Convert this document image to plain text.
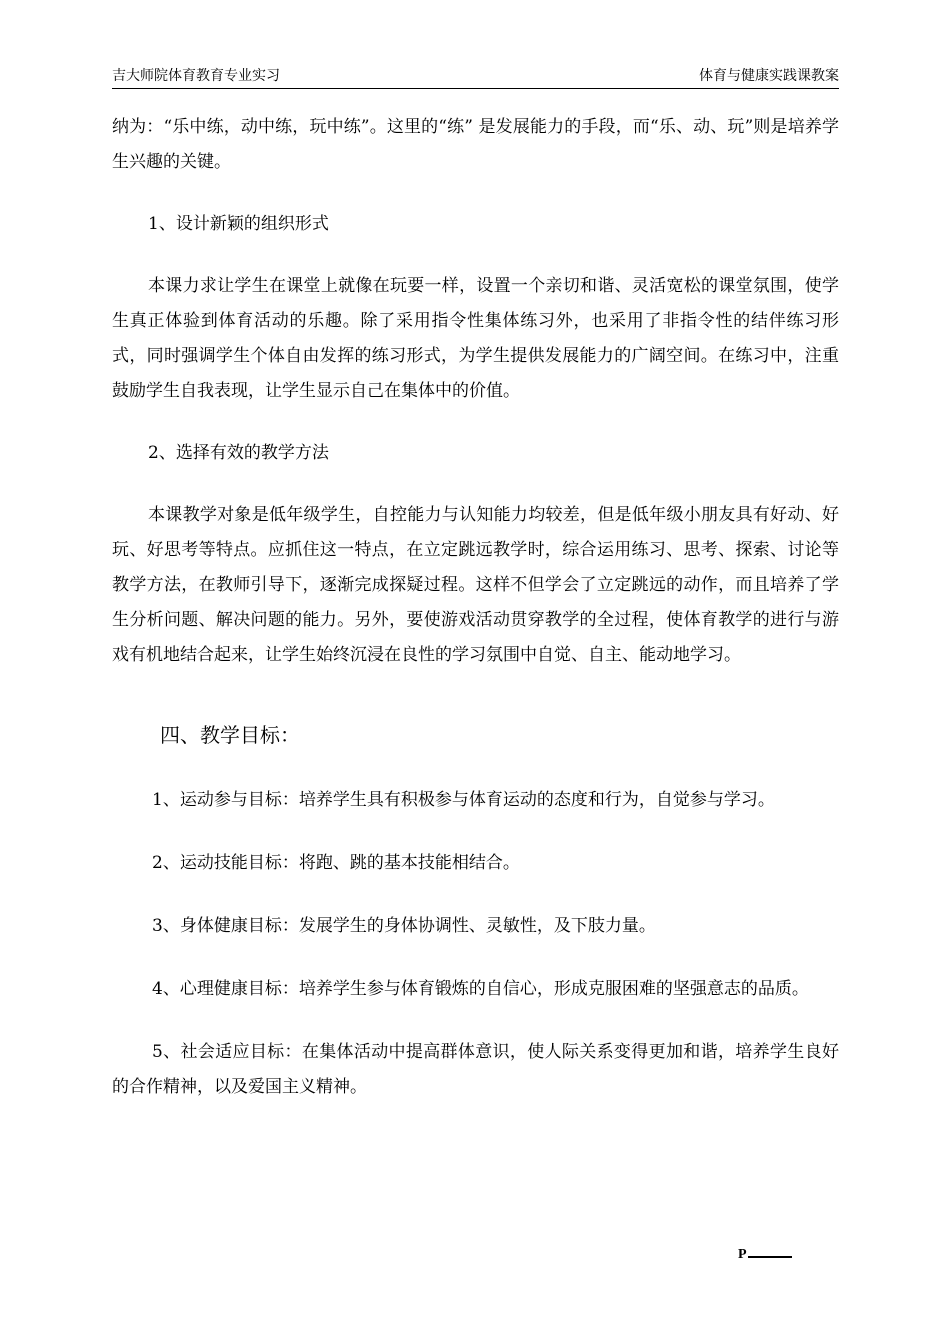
吉大师院体育教育专业实习	体育与健康实践课教案

纳为：“乐中练，动中练，玩中练”。这里的“练” 是发展能力的手段，而“乐、动、玩”则是培养学生兴趣的关键。

1、设计新颖的组织形式

本课力求让学生在课堂上就像在玩要一样，设置一个亲切和谐、灵活宽松的课堂氛围，使学生真正体验到体育活动的乐趣。除了采用指令性集体练习外，也采用了非指令性的结伴练习形式，同时强调学生个体自由发挥的练习形式，为学生提供发展能力的广阔空间。在练习中，注重鼓励学生自我表现，让学生显示自己在集体中的价值。

2、选择有效的教学方法

本课教学对象是低年级学生，自控能力与认知能力均较差，但是低年级小朋友具有好动、好玩、好思考等特点。应抓住这一特点，在立定跳远教学时，综合运用练习、思考、探索、讨论等教学方法，在教师引导下，逐渐完成探疑过程。这样不但学会了立定跳远的动作，而且培养了学生分析问题、解决问题的能力。另外，要使游戏活动贯穿教学的全过程，使体育教学的进行与游戏有机地结合起来，让学生始终沉浸在良性的学习氛围中自觉、自主、能动地学习。

四、教学目标：

1、运动参与目标：培养学生具有积极参与体育运动的态度和行为，自觉参与学习。

2、运动技能目标：将跑、跳的基本技能相结合。

3、身体健康目标：发展学生的身体协调性、灵敏性，及下肢力量。

4、心理健康目标：培养学生参与体育锻炼的自信心，形成克服困难的坚强意志的品质。

5、社会适应目标：在集体活动中提高群体意识，使人际关系变得更加和谐，培养学生良好的合作精神，以及爱国主义精神。

P
